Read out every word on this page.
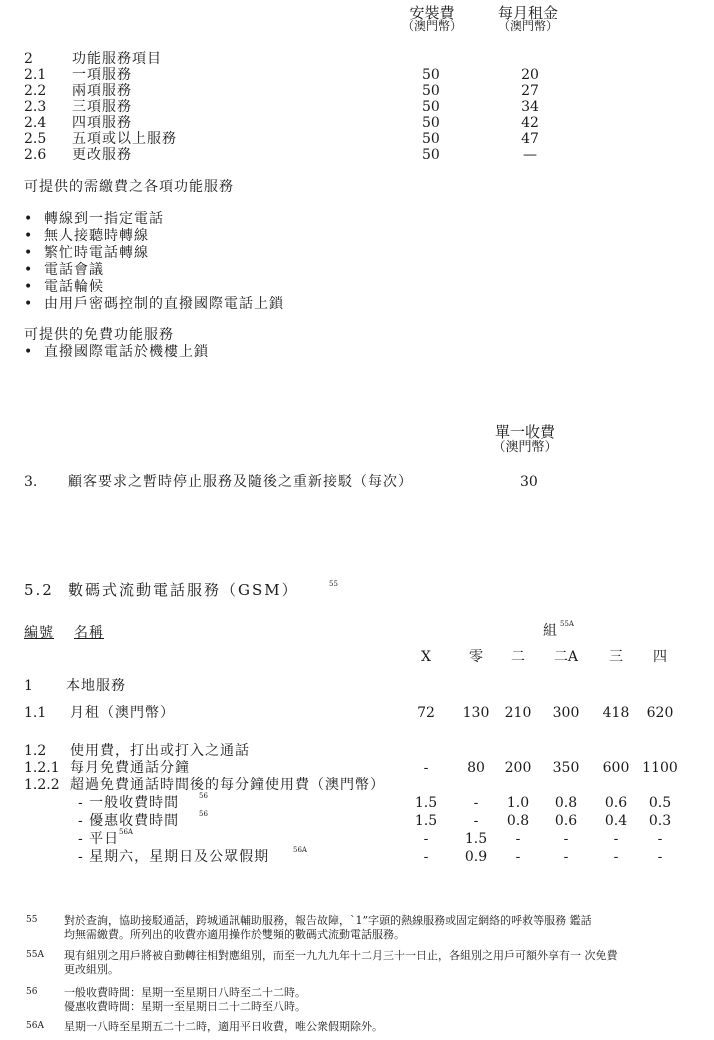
安裝費
（澳門幣）
每月租金
（澳門幣）
2	功能服務項目
2.1 一項服務	50	20
2.2 兩項服務	50	27
2.3 三項服務	50	34
2.4 四項服務	50	42
2.5 五項或以上服務	50	47
2.6 更改服務	50	—
可提供的需繳費之各項功能服務
• 轉線到一指定電話
• 無人接聽時轉線
• 繁忙時電話轉線
• 電話會議
• 電話輪候
• 由用戶密碼控制的直撥國際電話上鎖
可提供的免費功能服務
• 直撥國際電話於機樓上鎖
單一收費
（澳門幣）
3. 顧客要求之暫時停止服務及隨後之重新接駁（每次）	30
5.2 數碼式流動電話服務（GSM）	55
編號 名稱	組 55A
X	零	二	二A	三	四
1 本地服務
1.1 月租（澳門幣）	72	130	210	300	418	620
1.2 使用費，打出或打入之通話
1.2.1 每月免費通話分鐘	-	80	200	350	600 1100
1.2.2 超過免費通話時間後的每分鐘使用費（澳門幣）
- 一般收費時間	56	1.5	-	1.0	0.8	0.6	0.5
- 優惠收費時間	56	1.5	-	0.8	0.6	0.4	0.3
- 平日 56A	-	1.5	-	-	-	-
- 星期六，星期日及公眾假期	56A	-	0.9	-	-	-	-
55 對於查詢，協助接駁通話，跨城通訊輔助服務，報告故障，`1”字頭的熱線服務或固定網絡的呼救等服務 鑑話
均無需繳費。所列出的收費亦適用操作於雙頻的數碼式流動電話服務。
55A 現有組別之用戶將被自動轉往相對應組別，而至一九九九年十二月三十一日止，各組別之用戶可額外享有一 次免費
更改組別。
56 一般收費時間：星期一至星期日八時至二十二時。
優惠收費時間：星期一至星期日二十二時至八時。
56A 星期一八時至星期五二十二時，適用平日收費，唯公衆假期除外。
